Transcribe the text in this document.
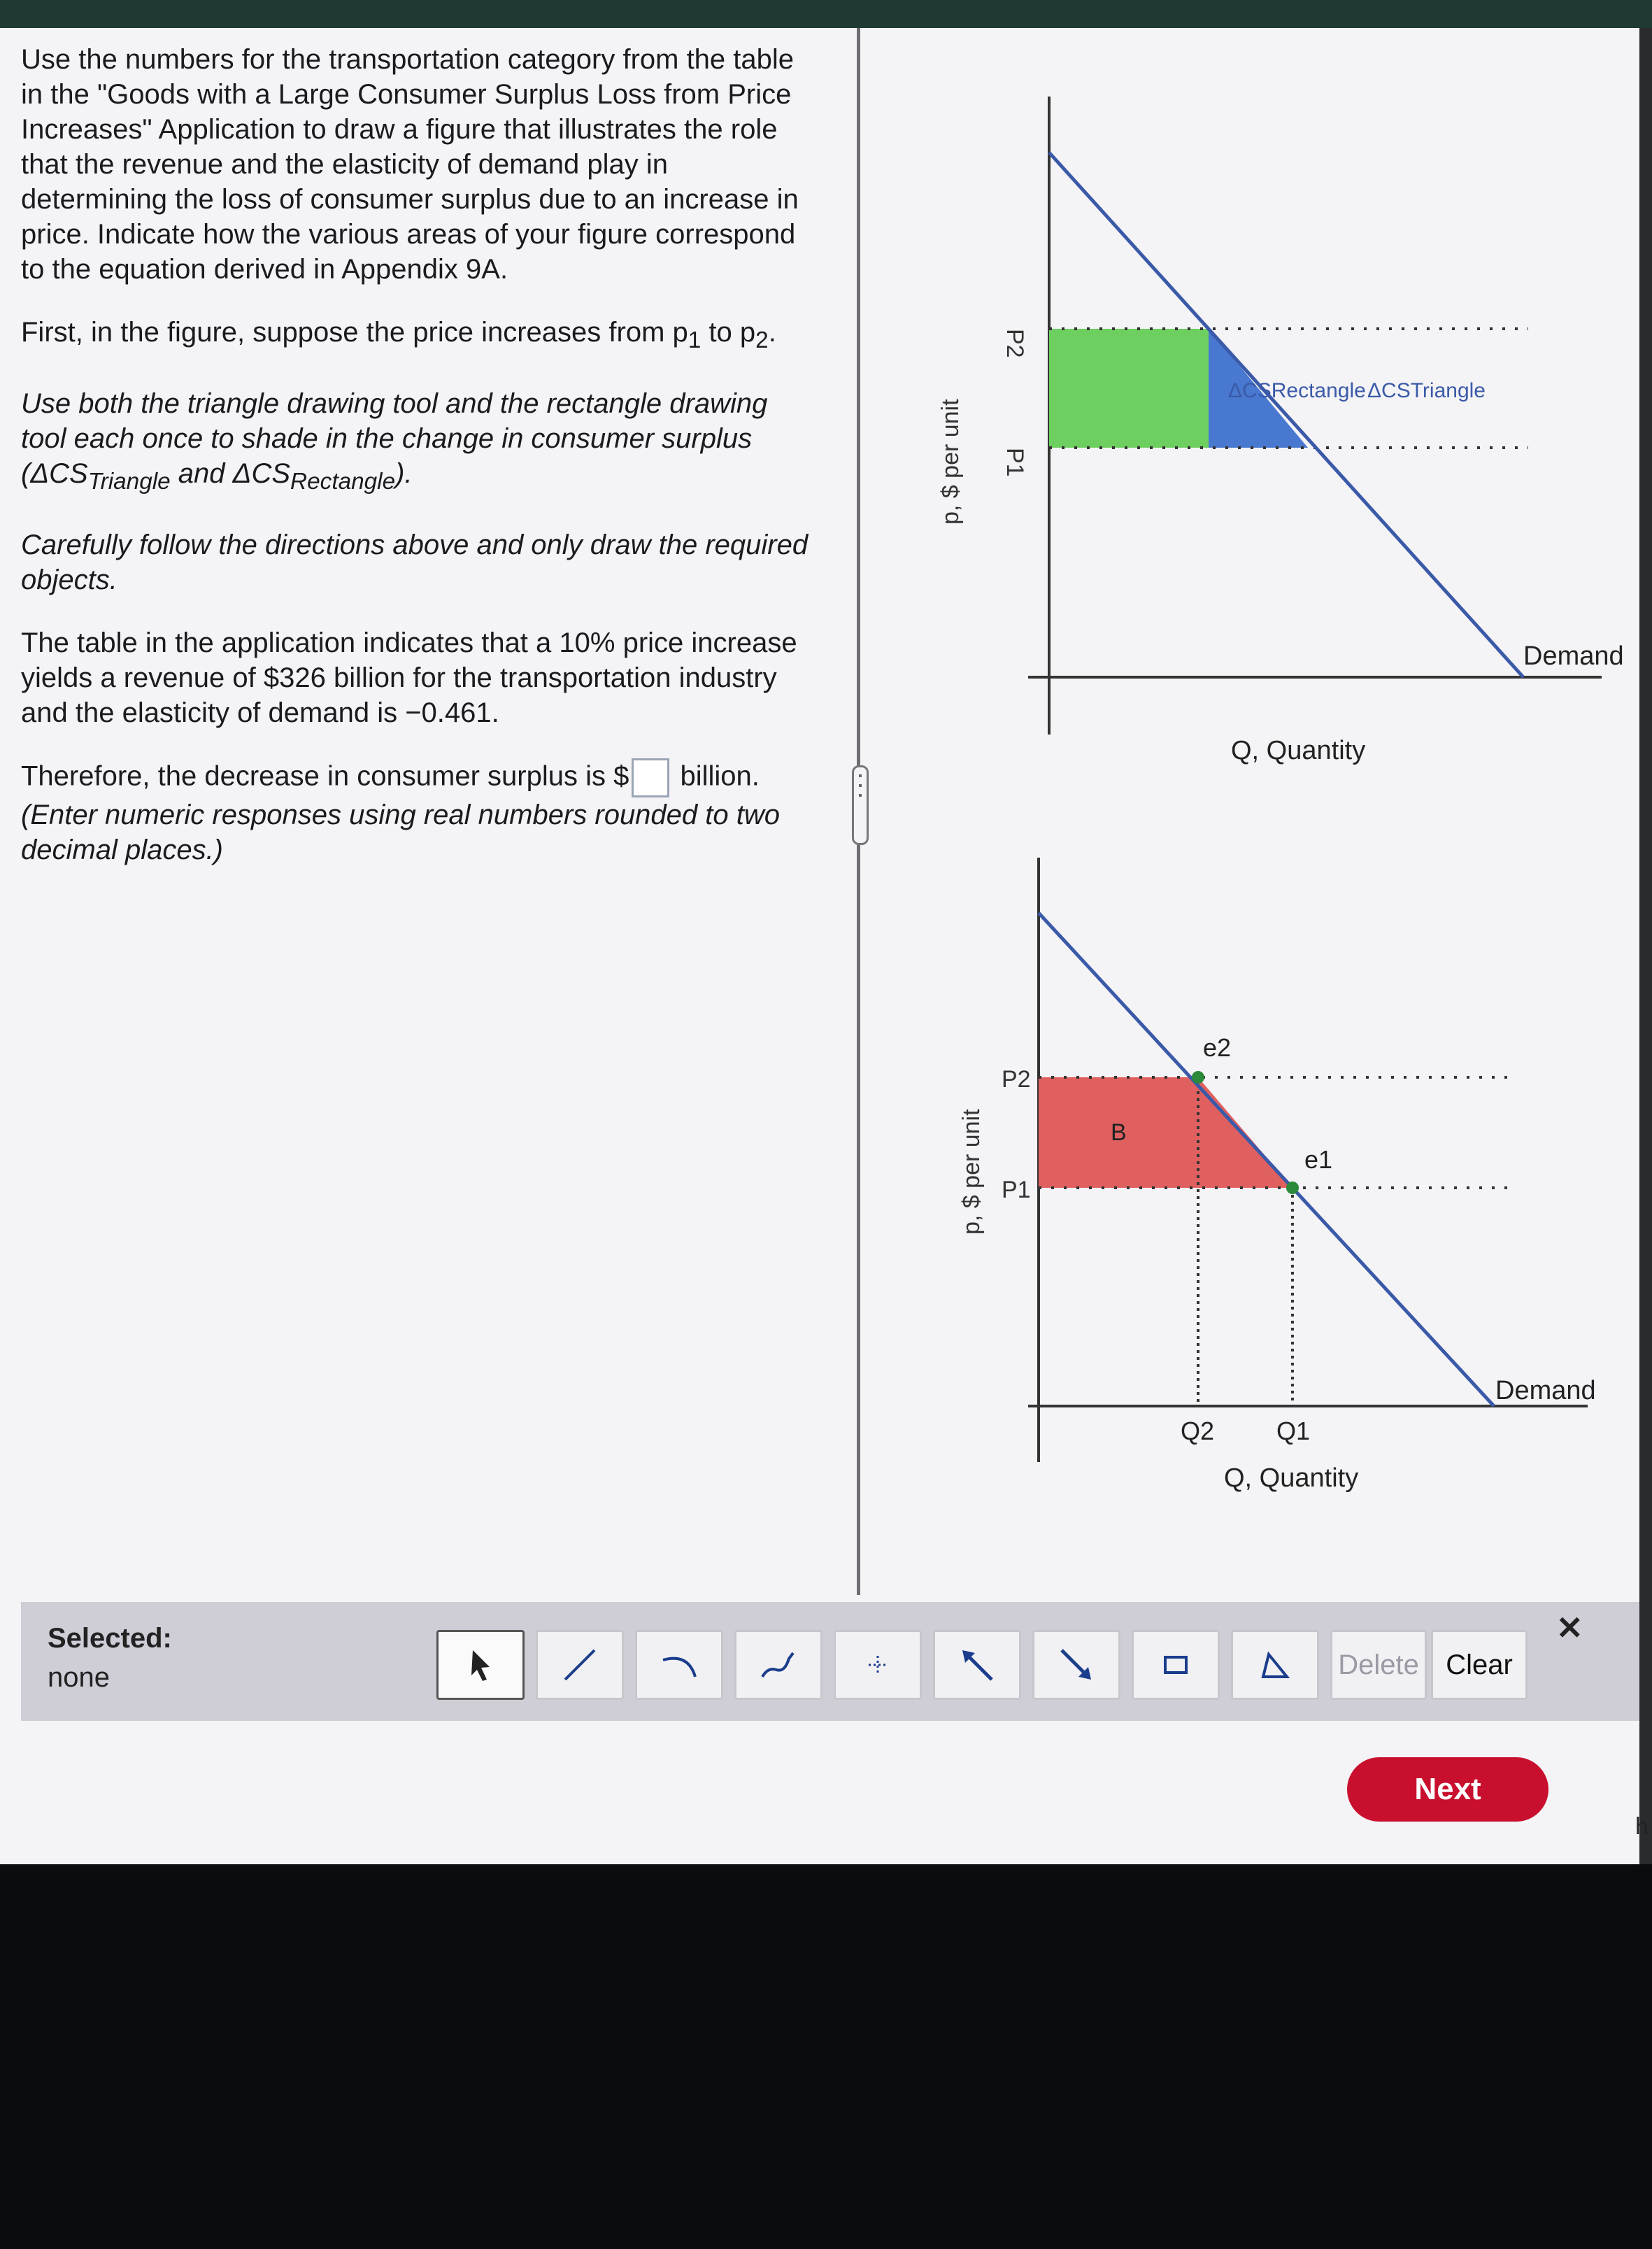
Use the numbers for the transportation category from the table in the "Goods with a Large Consumer Surplus Loss from Price Increases" Application to draw a figure that illustrates the role that the revenue and the elasticity of demand play in determining the loss of consumer surplus due to an increase in price. Indicate how the various areas of your figure correspond to the equation derived in Appendix 9A.

First, in the figure, suppose the price increases from $p_1$ to $p_2$.

Use both the triangle drawing tool and the rectangle drawing tool each once to shade in the change in consumer surplus ($\Delta CS_{Triangle}$ and $\Delta CS_{Rectangle}$).

Carefully follow the directions above and only draw the required objects.

The table in the application indicates that a 10% price increase yields a revenue of $326 billion for the transportation industry and the elasticity of demand is −0.461.

Therefore, the decrease in consumer surplus is $ billion.
(Enter numeric responses using real numbers rounded to two decimal places.)

P2
P1
p, $ per unit
ΔCSRectangle ΔCSTriangle
Demand
Q, Quantity
P2
P1
p, $ per unit
e2
e1
B
Demand
Q2 Q1
Q, Quantity
Selected:
none	Delete Clear
✕
Next
h
